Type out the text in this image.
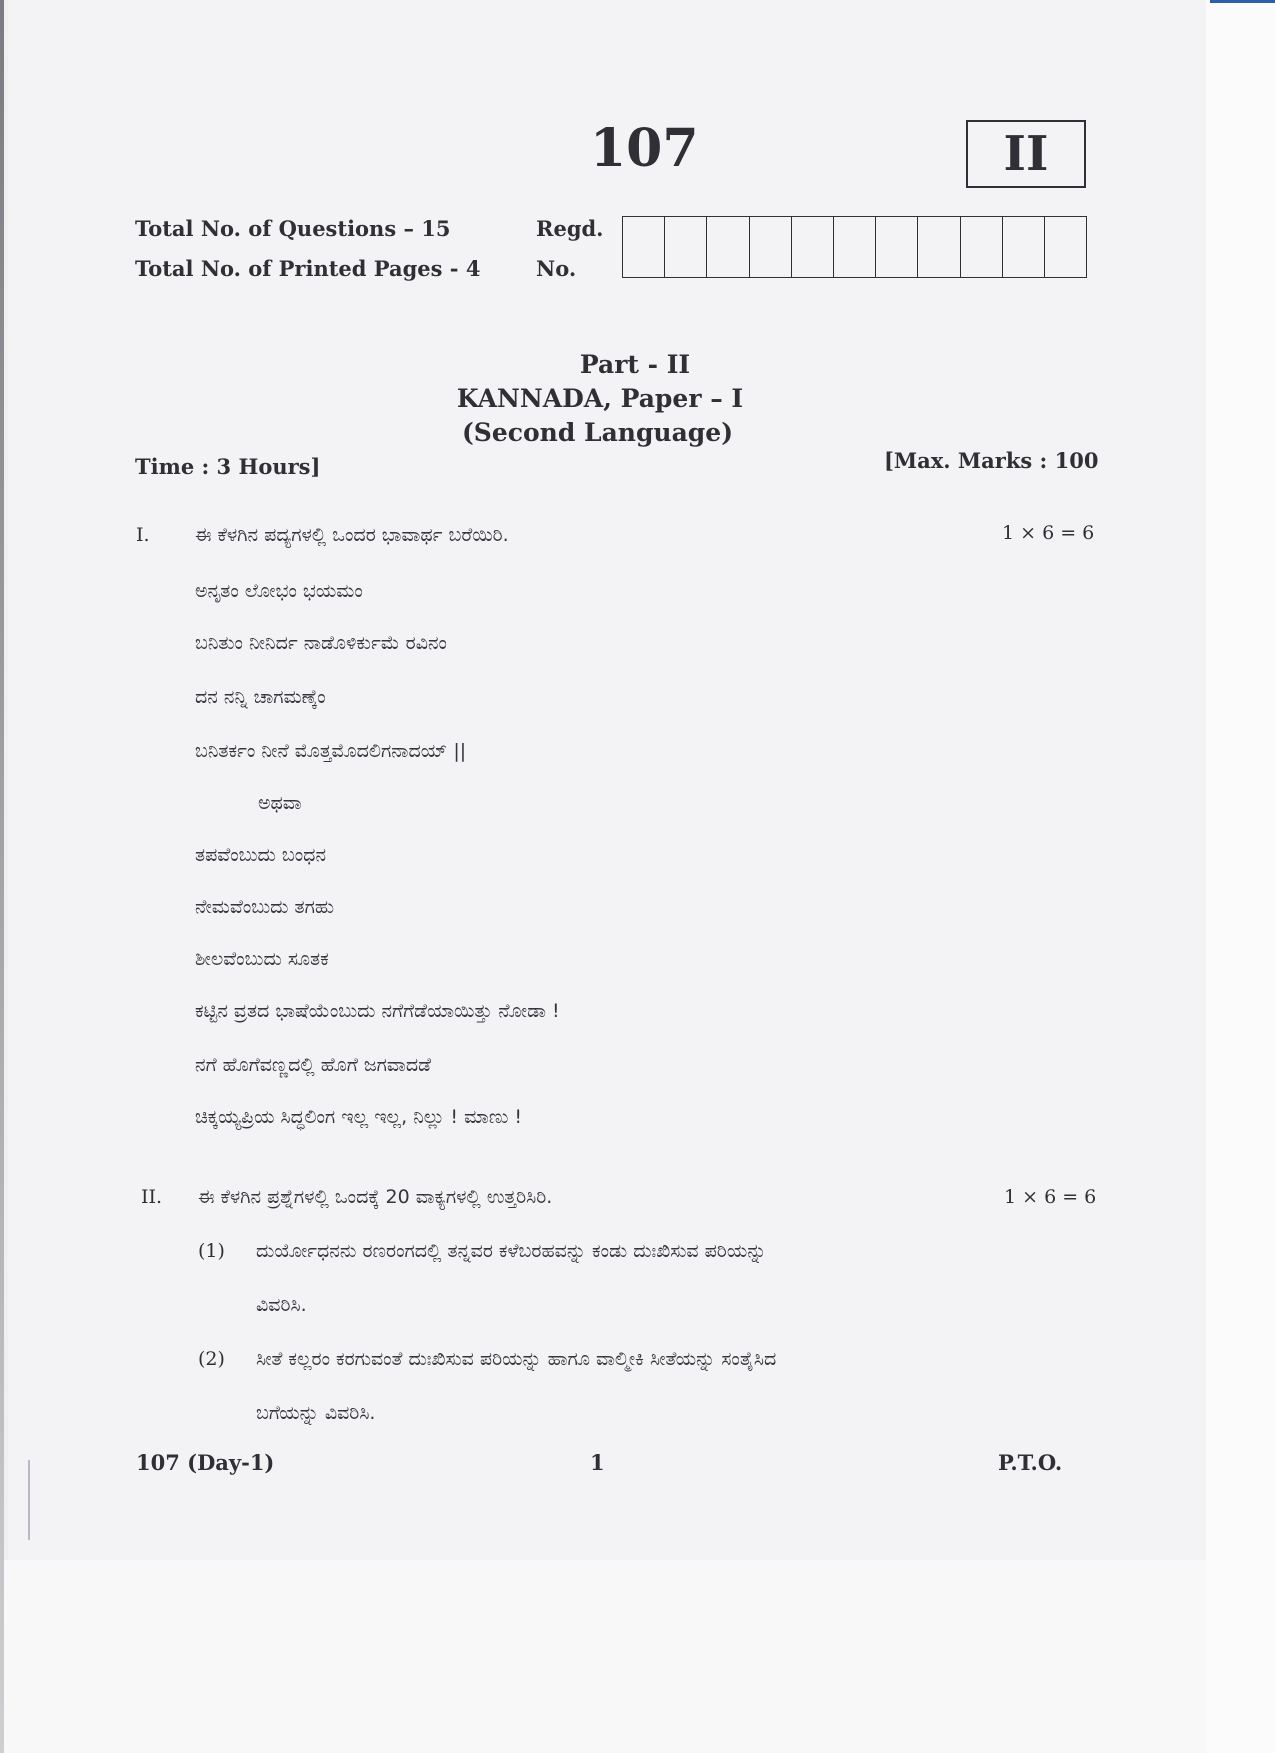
107	II
Total No. of Questions – 15
Total No. of Printed Pages - 4
Regd.
No.
Part - II
KANNADA, Paper – I
(Second Language)
Time : 3 Hours]	[Max. Marks : 100
I. ಈ ಕೆಳಗಿನ ಪದ್ಯಗಳಲ್ಲಿ ಒಂದರ ಭಾವಾರ್ಥ ಬರೆಯಿರಿ.	1 × 6 = 6
ಅನೃತಂ ಲೋಭಂ ಭಯಮಂ
ಬನಿತುಂ ನೀನಿರ್ದ ನಾಡೊಳಿರ್ಕುಮೆ ರವಿನಂ
ದನ ನನ್ನಿ ಚಾಗಮಣ್ಕೆಂ
ಬನಿತರ್ಕಂ ನೀನೆ ಮೊತ್ತಮೊದಲಿಗನಾದಯ್ ||
ಅಥವಾ
ತಪವೆಂಬುದು ಬಂಧನ
ನೇಮವೆಂಬುದು ತಗಹು
ಶೀಲವೆಂಬುದು ಸೂತಕ
ಕಟ್ಟಿನ ವ್ರತದ ಭಾಷೆಯೆಂಬುದು ನಗೆಗೆಡೆಯಾಯಿತ್ತು ನೋಡಾ !
ನಗೆ ಹೊಗೆವಣ್ಣದಲ್ಲಿ ಹೊಗೆ ಜಗವಾದಡೆ
ಚಿಕ್ಕಯ್ಯಪ್ರಿಯ ಸಿದ್ಧಲಿಂಗ ಇಲ್ಲ ಇಲ್ಲ, ನಿಲ್ಲು ! ಮಾಣು !
II. ಈ ಕೆಳಗಿನ ಪ್ರಶ್ನೆಗಳಲ್ಲಿ ಒಂದಕ್ಕೆ 20 ವಾಕ್ಯಗಳಲ್ಲಿ ಉತ್ತರಿಸಿರಿ.	1 × 6 = 6
(1) ದುರ್ಯೋಧನನು ರಣರಂಗದಲ್ಲಿ ತನ್ನವರ ಕಳೆಬರಹವನ್ನು ಕಂಡು ದುಃಖಿಸುವ ಪರಿಯನ್ನು
ವಿವರಿಸಿ.
(2) ಸೀತೆ ಕಲ್ಲರಂ ಕರಗುವಂತೆ ದುಃಖಿಸುವ ಪರಿಯನ್ನು ಹಾಗೂ ವಾಲ್ಮೀಕಿ ಸೀತೆಯನ್ನು ಸಂತೈಸಿದ
ಬಗೆಯನ್ನು ವಿವರಿಸಿ.
107 (Day-1)	1	P.T.O.
